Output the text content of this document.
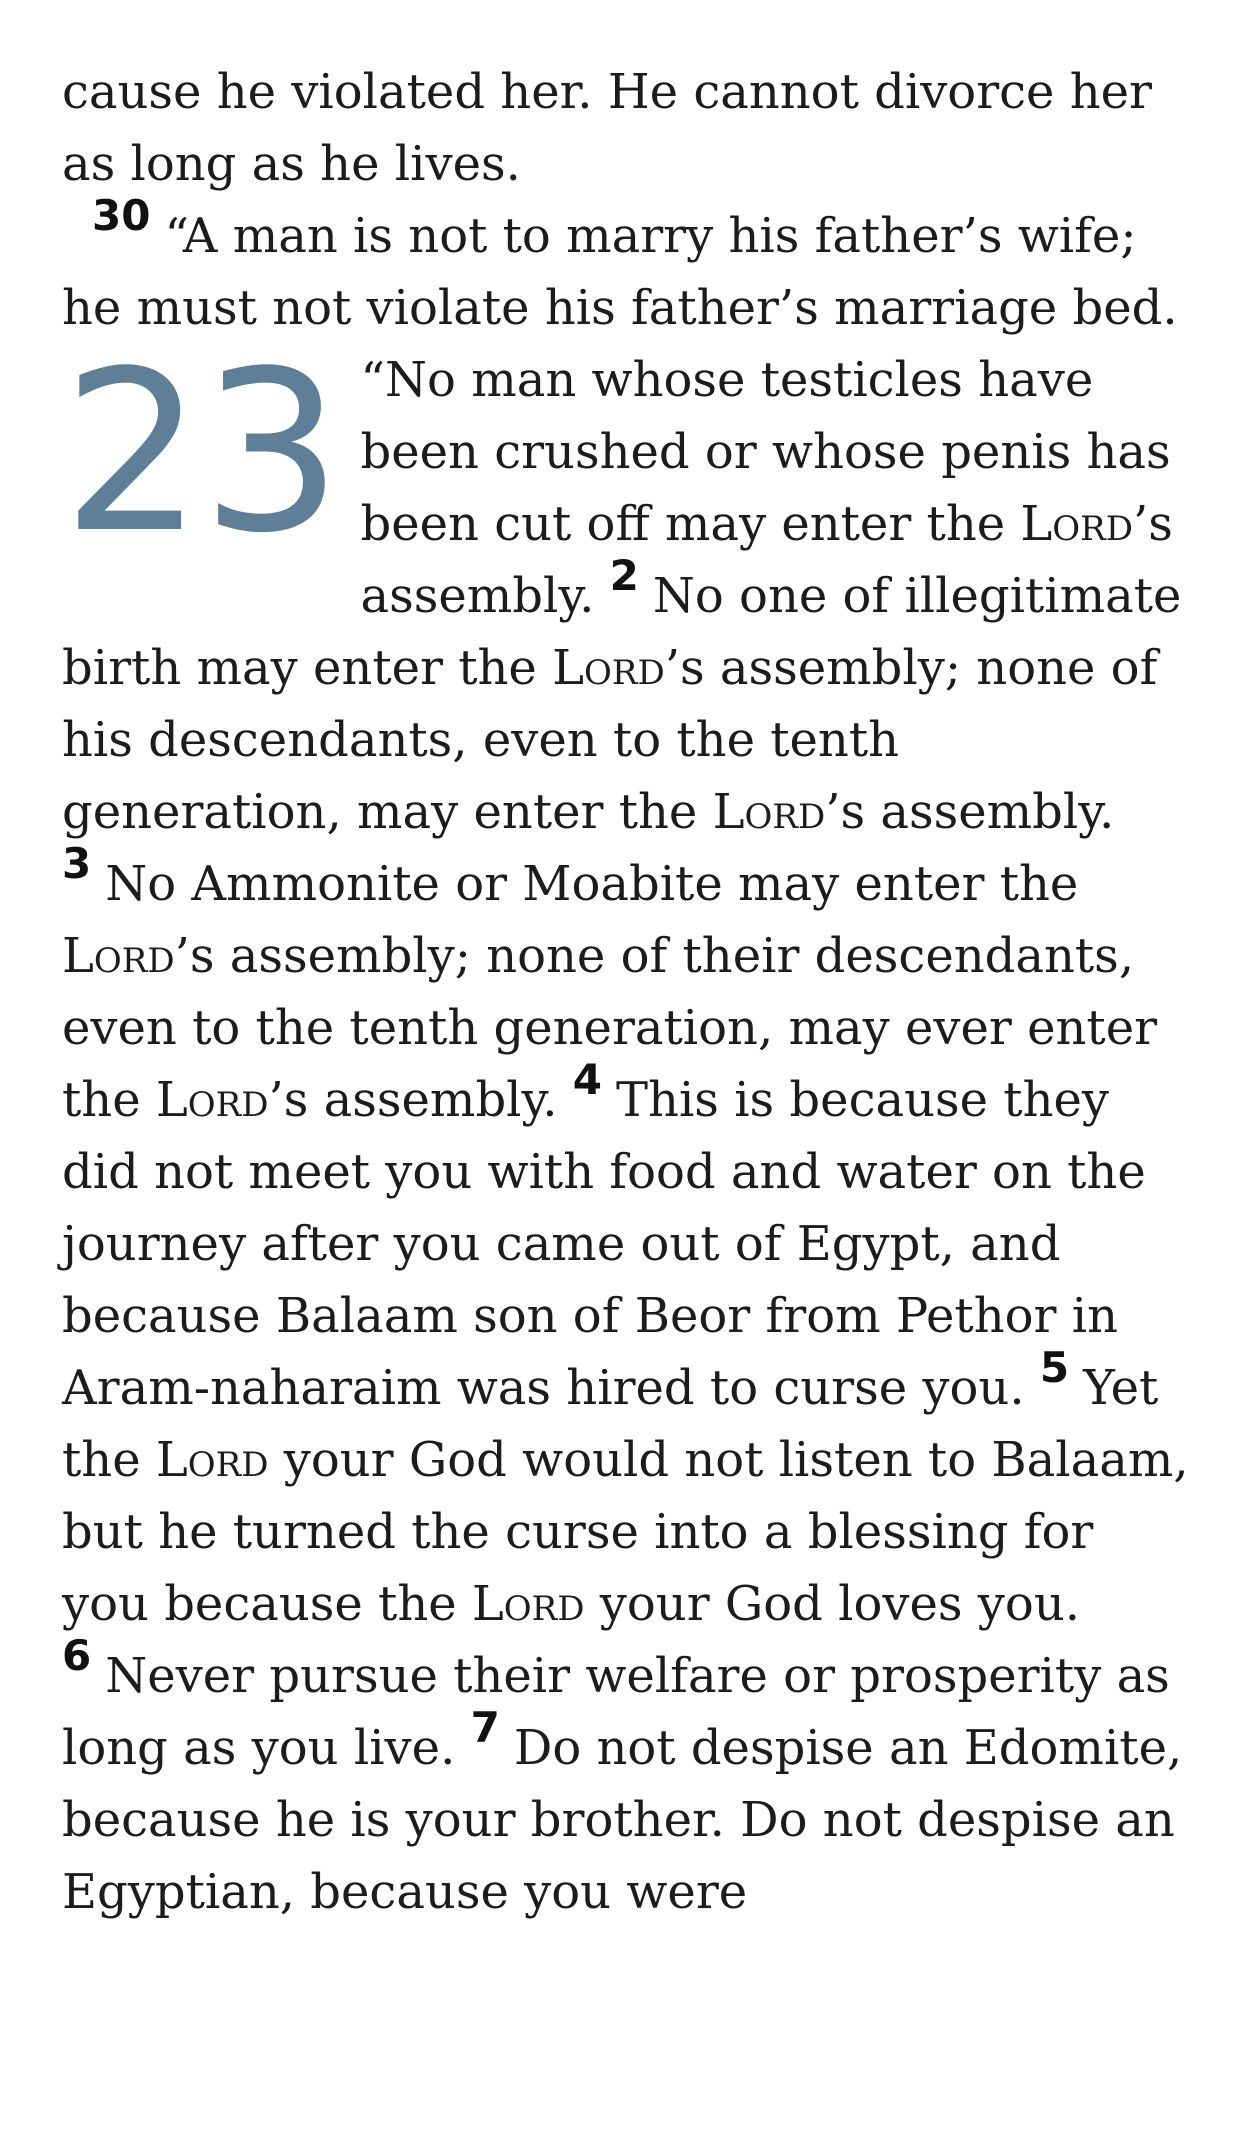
cause he violated her. He cannot divorce her as long as he lives.

30 “A man is not to marry his father’s wife; he must not violate his father’s marriage bed.

23 “No man whose testicles have been crushed or whose penis has been cut off may enter the Lord’s assembly. 2 No one of illegitimate birth may enter the Lord’s assembly; none of his descendants, even to the tenth generation, may enter the Lord’s assembly. 3 No Ammonite or Moabite may enter the Lord’s assembly; none of their descendants, even to the tenth generation, may ever enter the Lord’s assembly. 4 This is because they did not meet you with food and water on the journey after you came out of Egypt, and because Balaam son of Beor from Pethor in Aram-naharaim was hired to curse you. 5 Yet the Lord your God would not listen to Balaam, but he turned the curse into a blessing for you because the Lord your God loves you. 6 Never pursue their welfare or prosperity as long as you live. 7 Do not despise an Edomite, because he is your brother. Do not despise an Egyptian, because you were
